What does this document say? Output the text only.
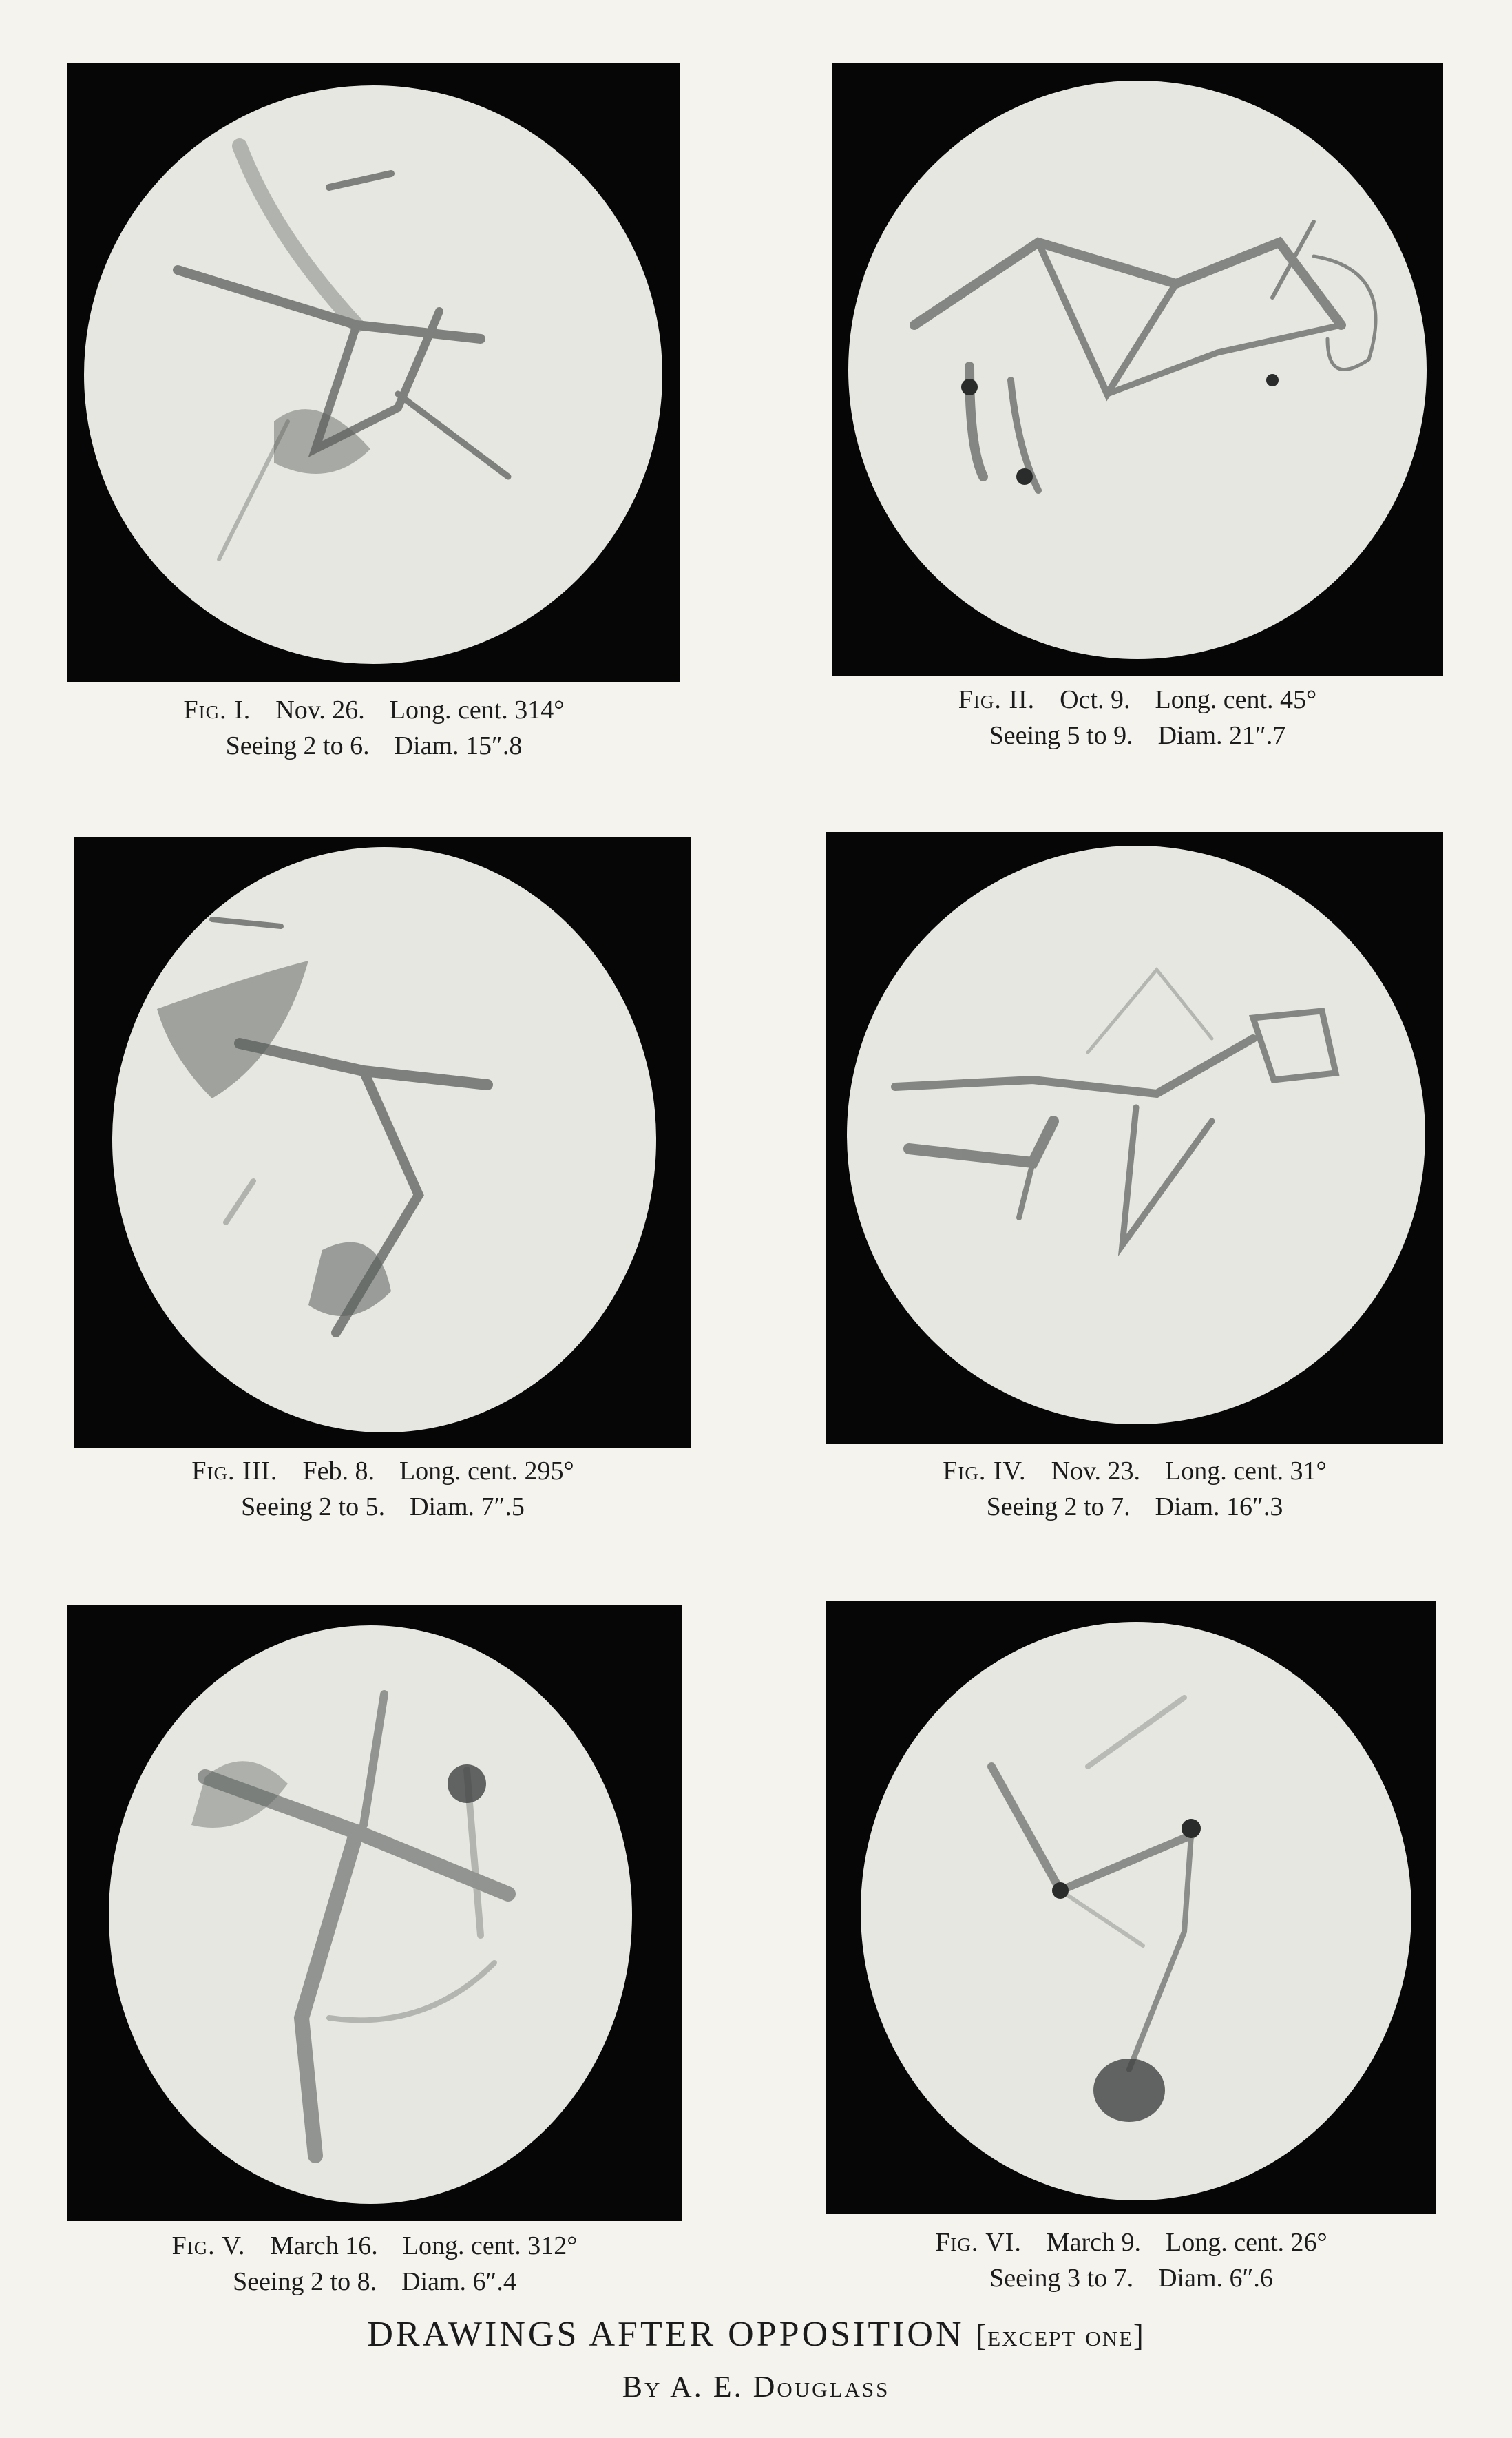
Fig. I. Nov. 26. Long. cent. 314°
Seeing 2 to 6. Diam. 15″.8
Fig. II. Oct. 9. Long. cent. 45°
Seeing 5 to 9. Diam. 21″.7
Fig. III. Feb. 8. Long. cent. 295°
Seeing 2 to 5. Diam. 7″.5
Fig. IV. Nov. 23. Long. cent. 31°
Seeing 2 to 7. Diam. 16″.3
Fig. V. March 16. Long. cent. 312°
Seeing 2 to 8. Diam. 6″.4
Fig. VI. March 9. Long. cent. 26°
Seeing 3 to 7. Diam. 6″.6
DRAWINGS AFTER OPPOSITION [except one]
By A. E. Douglass
